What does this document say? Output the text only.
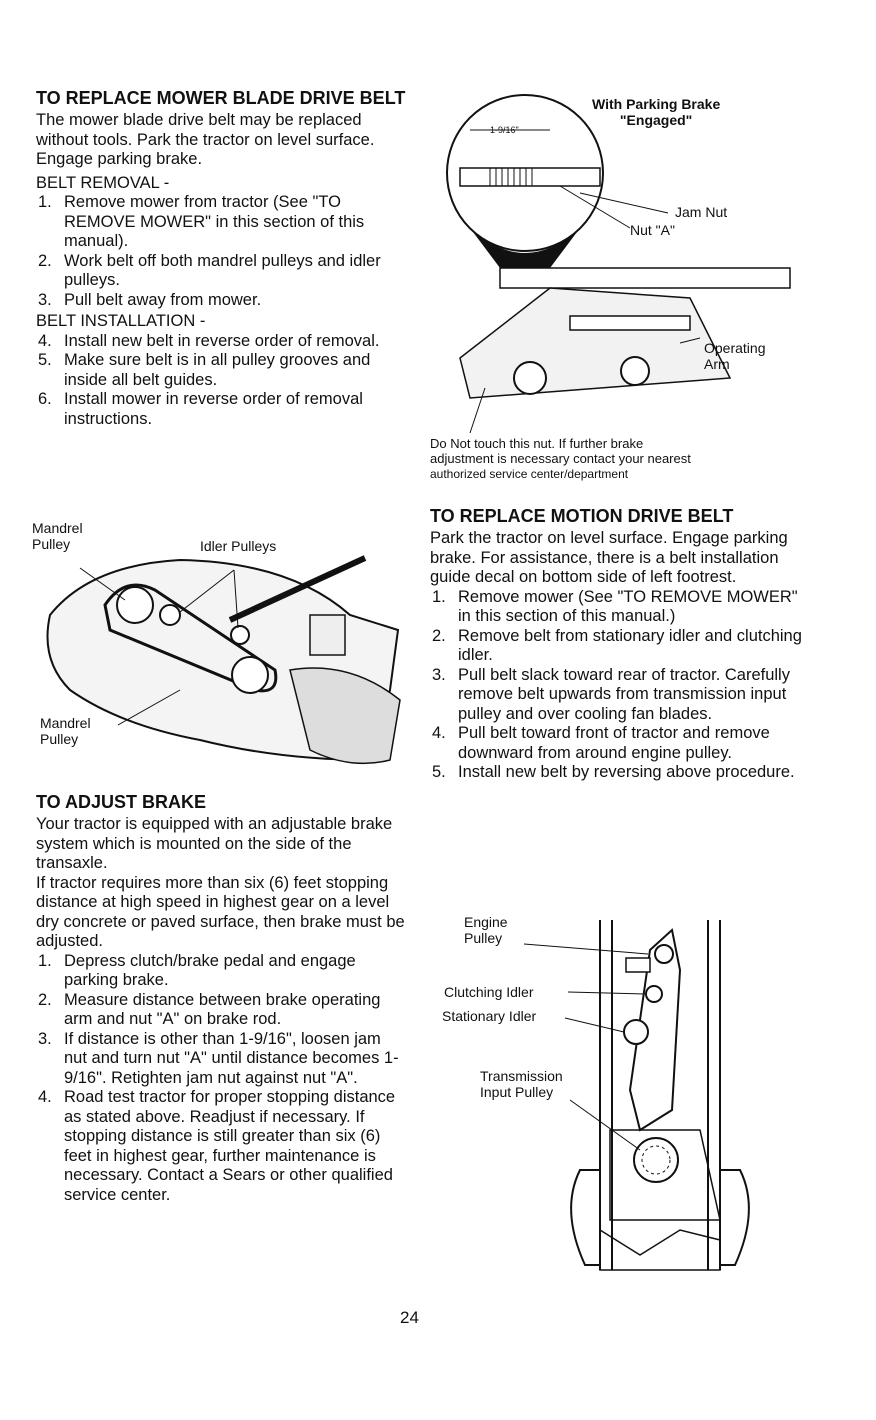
TO REPLACE MOWER BLADE DRIVE BELT

The mower blade drive belt may be replaced without tools. Park the tractor on level surface. Engage parking brake.

BELT REMOVAL -

1. Remove mower from tractor (See "TO REMOVE MOWER" in this section of this manual).
2. Work belt off both mandrel pulleys and idler pulleys.
3. Pull belt away from mower.

BELT INSTALLATION -

4. Install new belt in reverse order of removal.
5. Make sure belt is in all pulley grooves and inside all belt guides.
6. Install mower in reverse order of removal instructions.
Mandrel
Pulley	Idler Pulleys
Mandrel
Pulley
TO ADJUST BRAKE

Your tractor is equipped with an adjustable brake system which is mounted on the side of the transaxle.

If tractor requires more than six (6) feet stopping distance at high speed in highest gear on a level dry concrete or paved surface, then brake must be adjusted.

1. Depress clutch/brake pedal and engage parking brake.
2. Measure distance between brake operating arm and nut "A" on brake rod.
3. If distance is other than 1-9/16", loosen jam nut and turn nut "A" until distance becomes 1-9/16". Retighten jam nut against nut "A".
4. Road test tractor for proper stopping distance as stated above. Readjust if necessary. If stopping distance is still greater than six (6) feet in highest gear, further maintenance is necessary. Contact a Sears or other qualified service center.
With Parking Brake
"Engaged"
1-9/16"
Jam Nut
Nut "A"
Operating
Arm
Do Not touch this nut. If further brake
adjustment is necessary contact your nearest
authorized service center/department
TO REPLACE MOTION DRIVE BELT

Park the tractor on level surface. Engage parking brake. For assistance, there is a belt installation guide decal on bottom side of left footrest.

1. Remove mower (See "TO REMOVE MOWER" in this section of this manual.)
2. Remove belt from stationary idler and clutching idler.
3. Pull belt slack toward rear of tractor. Carefully remove belt upwards from transmission input pulley and over cooling fan blades.
4. Pull belt toward front of tractor and remove downward from around engine pulley.
5. Install new belt by reversing above procedure.
Engine
Pulley
Clutching Idler
Stationary Idler
Transmission
Input Pulley
24
